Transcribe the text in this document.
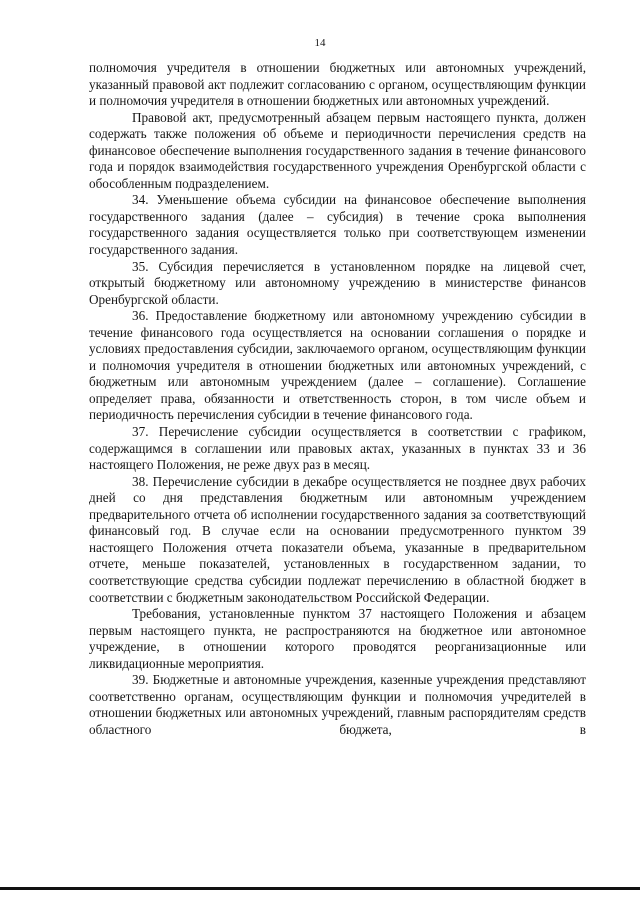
14

полномочия учредителя в отношении бюджетных или автономных учреждений, указанный правовой акт подлежит согласованию с органом, осуществляющим функции и полномочия учредителя в отношении бюджетных или автономных учреждений.

Правовой акт, предусмотренный абзацем первым настоящего пункта, должен содержать также положения об объеме и периодичности перечисления средств на финансовое обеспечение выполнения государственного задания в течение финансового года и порядок взаимодействия государственного учреждения Оренбургской области с обособленным подразделением.

34. Уменьшение объема субсидии на финансовое обеспечение выполнения государственного задания (далее – субсидия) в течение срока выполнения государственного задания осуществляется только при соответствующем изменении государственного задания.

35. Субсидия перечисляется в установленном порядке на лицевой счет, открытый бюджетному или автономному учреждению в министерстве финансов Оренбургской области.

36. Предоставление бюджетному или автономному учреждению субсидии в течение финансового года осуществляется на основании соглашения о порядке и условиях предоставления субсидии, заключаемого органом, осуществляющим функции и полномочия учредителя в отношении бюджетных или автономных учреждений, с бюджетным или автономным учреждением (далее – соглашение). Соглашение определяет права, обязанности и ответственность сторон, в том числе объем и периодичность перечисления субсидии в течение финансового года.

37. Перечисление субсидии осуществляется в соответствии с графиком, содержащимся в соглашении или правовых актах, указанных в пунктах 33 и 36 настоящего Положения, не реже двух раз в месяц.

38. Перечисление субсидии в декабре осуществляется не позднее двух рабочих дней со дня представления бюджетным или автономным учреждением предварительного отчета об исполнении государственного задания за соответствующий финансовый год. В случае если на основании предусмотренного пунктом 39 настоящего Положения отчета показатели объема, указанные в предварительном отчете, меньше показателей, установленных в государственном задании, то соответствующие средства субсидии подлежат перечислению в областной бюджет в соответствии с бюджетным законодательством Российской Федерации.

Требования, установленные пунктом 37 настоящего Положения и абзацем первым настоящего пункта, не распространяются на бюджетное или автономное учреждение, в отношении которого проводятся реорганизационные или ликвидационные мероприятия.

39. Бюджетные и автономные учреждения, казенные учреждения представляют соответственно органам, осуществляющим функции и полномочия учредителей в отношении бюджетных или автономных учреждений, главным распорядителям средств областного бюджета, в
